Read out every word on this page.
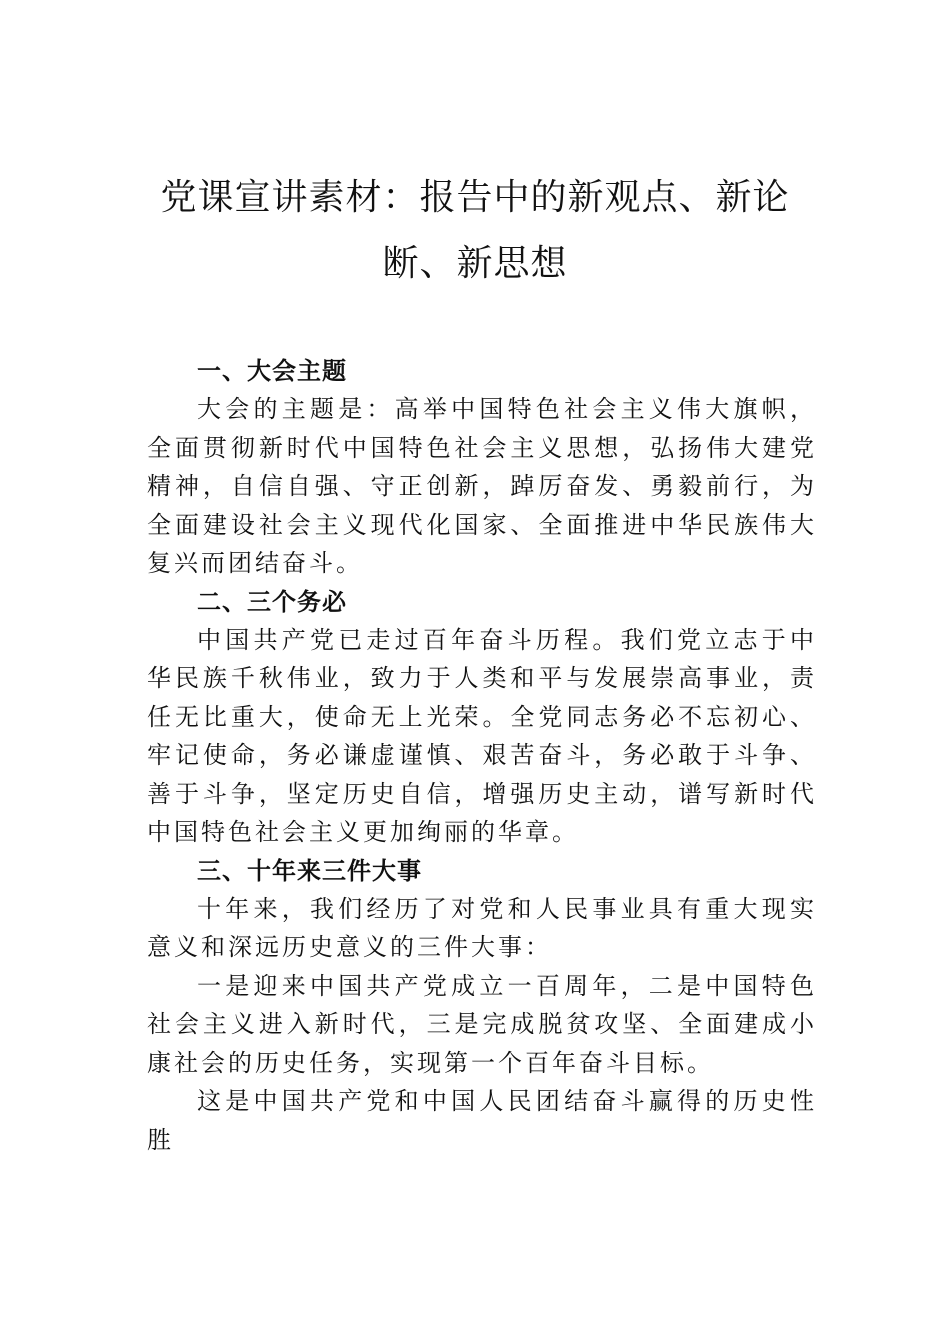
党课宣讲素材：报告中的新观点、新论
断、新思想
一、大会主题

大会的主题是：高举中国特色社会主义伟大旗帜，全面贯彻新时代中国特色社会主义思想，弘扬伟大建党精神，自信自强、守正创新，踔厉奋发、勇毅前行，为全面建设社会主义现代化国家、全面推进中华民族伟大复兴而团结奋斗。

二、三个务必

中国共产党已走过百年奋斗历程。我们党立志于中华民族千秋伟业，致力于人类和平与发展崇高事业，责任无比重大，使命无上光荣。全党同志务必不忘初心、牢记使命，务必谦虚谨慎、艰苦奋斗，务必敢于斗争、善于斗争，坚定历史自信，增强历史主动，谱写新时代中国特色社会主义更加绚丽的华章。

三、十年来三件大事

十年来，我们经历了对党和人民事业具有重大现实意义和深远历史意义的三件大事：

一是迎来中国共产党成立一百周年，二是中国特色社会主义进入新时代，三是完成脱贫攻坚、全面建成小康社会的历史任务，实现第一个百年奋斗目标。

这是中国共产党和中国人民团结奋斗赢得的历史性胜
